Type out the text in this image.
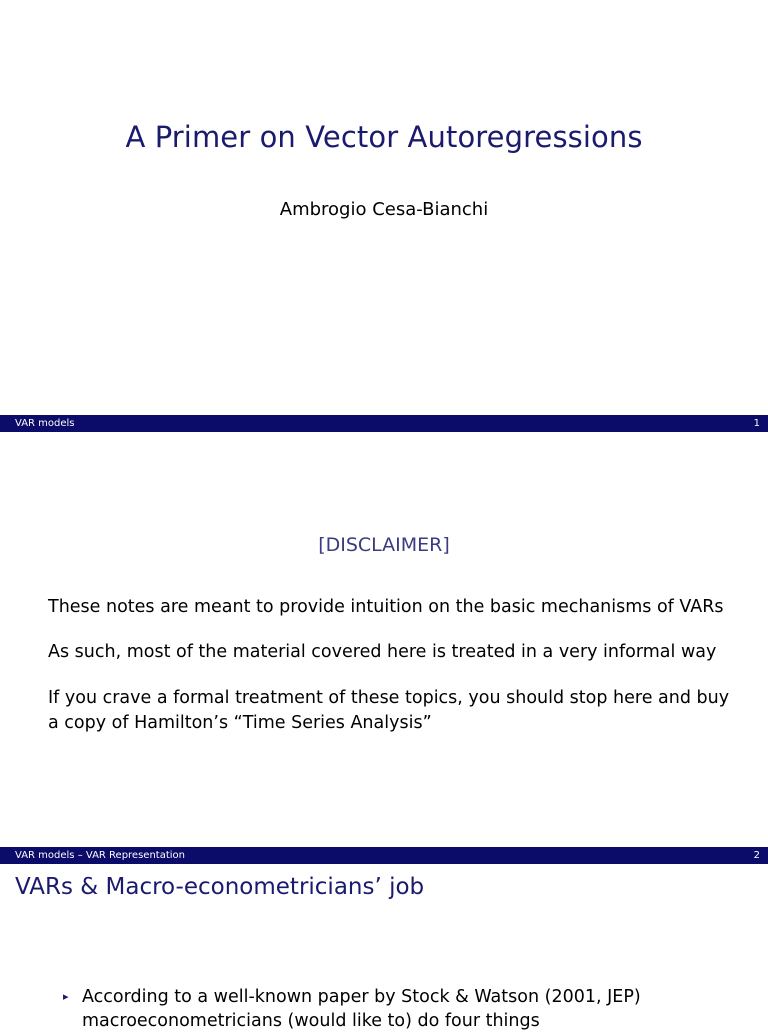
A Primer on Vector Autoregressions
Ambrogio Cesa-Bianchi
VAR models	1
[DISCLAIMER]
These notes are meant to provide intuition on the basic mechanisms of VARs
As such, most of the material covered here is treated in a very informal way
If you crave a formal treatment of these topics, you should stop here and buy a copy of Hamilton’s “Time Series Analysis”
VAR models – VAR Representation	2
VARs & Macro-econometricians’ job
▸ According to a well-known paper by Stock & Watson (2001, JEP) macroeconometricians (would like to) do four things
